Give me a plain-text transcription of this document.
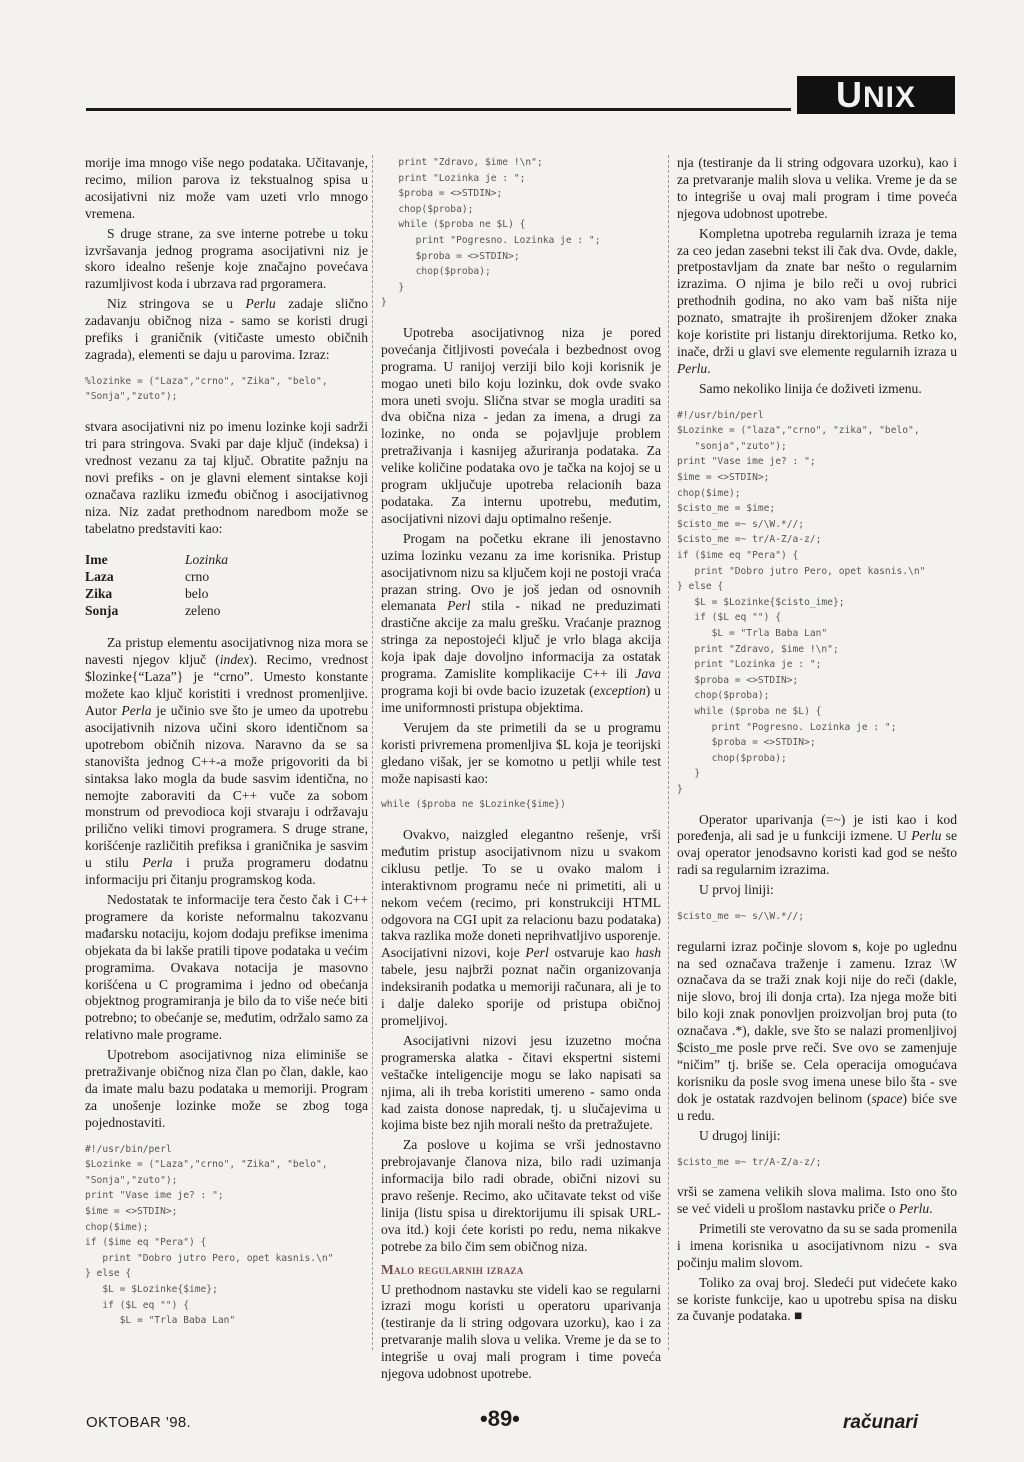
UNIX SERVIS

morije ima mnogo više nego podataka. Učitavanje, recimo, milion parova iz tekstualnog spisa u acosijativni niz može vam uzeti vrlo mnogo vremena.

S druge strane, za sve interne potrebe u toku izvršavanja jednog programa asocijativni niz je skoro idealno rešenje koje značajno povećava razumljivost koda i ubrzava rad prgoramera.

Niz stringova se u Perlu zadaje slično zadavanju običnog niza - samo se koristi drugi prefiks i graničnik (vitičaste umesto običnih zagrada), elementi se daju u parovima. Izraz:

%lozinke = ("Laza","crno", "Zika", "belo",
"Sonja","zuto");

stvara asocijativni niz po imenu lozinke koji sadrži tri para stringova. Svaki par daje ključ (indeksa) i vrednost vezanu za taj ključ. Obratite pažnju na novi prefiks - on je glavni element sintakse koji označava razliku između običnog i asocijativnog niza. Niz zadat prethodnom naredbom može se tabelatno predstaviti kao:

Ime	Lozinka
Laza	crno
Zika	belo
Sonja	zeleno

Za pristup elementu asocijativnog niza mora se navesti njegov ključ (index). Recimo, vrednost $lozinke{“Laza”} je “crno”. Umesto konstante možete kao ključ koristiti i vrednost promenljive. Autor Perla je učinio sve što je umeo da upotrebu asocijativnih nizova učini skoro identičnom sa upotrebom običnih nizova. Naravno da se sa stanovišta jednog C++-a može prigovoriti da bi sintaksa lako mogla da bude sasvim identična, no nemojte zaboraviti da C++ vuče za sobom monstrum od prevodioca koji stvaraju i održavaju prilično veliki timovi programera. S druge strane, korišćenje različitih prefiksa i graničnika je sasvim u stilu Perla i pruža programeru dodatnu informaciju pri čitanju programskog koda.

Nedostatak te informacije tera često čak i C++ programere da koriste neformalnu takozvanu mađarsku notaciju, kojom dodaju prefikse imenima objekata da bi lakše pratili tipove podataka u većim programima. Ovakava notacija je masovno korišćena u C programima i jedno od obećanja objektnog programiranja je bilo da to više neće biti potrebno; to obećanje se, međutim, održalo samo za relativno male programe.

Upotrebom asocijativnog niza eliminiše se pretraživanje običnog niza član po član, dakle, kao da imate malu bazu podataka u memoriji. Program za unošenje lozinke može se zbog toga pojednostaviti.

#!/usr/bin/perl
$Lozinke = ("Laza","crno", "Zika", "belo",
"Sonja","zuto");
print "Vase ime je? : ";
$ime = <>STDIN>;
chop($ime);
if ($ime eq "Pera") {
print "Dobro jutro Pero, opet kasnis.\n"
} else {
$L = $Lozinke{$ime};
if ($L eq "") {
$L = "Trla Baba Lan"
print "Zdravo, $ime !\n";
print "Lozinka je : ";
$proba = <>STDIN>;
chop($proba);
while ($proba ne $L) {
print "Pogresno. Lozinka je : ";
$proba = <>STDIN>;
chop($proba);
}
}

Upotreba asocijativnog niza je pored povećanja čitljivosti povećala i bezbednost ovog programa. U ranijoj verziji bilo koji korisnik je mogao uneti bilo koju lozinku, dok ovde svako mora uneti svoju. Slična stvar se mogla uraditi sa dva obična niza - jedan za imena, a drugi za lozinke, no onda se pojavljuje problem pretraživanja i kasnijeg ažuriranja podataka. Za velike količine podataka ovo je tačka na kojoj se u program uključuje upotreba relacionih baza podataka. Za internu upotrebu, međutim, asocijativni nizovi daju optimalno rešenje.

Progam na početku ekrane ili jenostavno uzima lozinku vezanu za ime korisnika. Pristup asocijativnom nizu sa ključem koji ne postoji vraća prazan string. Ovo je još jedan od osnovnih elemanata Perl stila - nikad ne preduzimati drastične akcije za malu grešku. Vraćanje praznog stringa za nepostojeći ključ je vrlo blaga akcija koja ipak daje dovoljno informacija za ostatak programa. Zamislite komplikacije C++ ili Java programa koji bi ovde bacio izuzetak (exception) u ime uniformnosti pristupa objektima.

Verujem da ste primetili da se u programu koristi privremena promenljiva $L koja je teorijski gledano višak, jer se komotno u petlji while test može napisasti kao:

while ($proba ne $Lozinke{$ime})

Ovakvo, naizgled elegantno rešenje, vrši međutim pristup asocijativnom nizu u svakom ciklusu petlje. To se u ovako malom i interaktivnom programu neće ni primetiti, ali u nekom većem (recimo, pri konstrukciji HTML odgovora na CGI upit za relacionu bazu podataka) takva razlika može doneti neprihvatljivo usporenje. Asocijativni nizovi, koje Perl ostvaruje kao hash tabele, jesu najbrži poznat način organizovanja indeksiranih podatka u memoriji računara, ali je to i dalje daleko sporije od pristupa običnoj promeljivoj.

Asocijativni nizovi jesu izuzetno moćna programerska alatka - čitavi ekspertni sistemi veštačke inteligencije mogu se lako napisati sa njima, ali ih treba koristiti umereno - samo onda kad zaista donose napredak, tj. u slučajevima u kojima biste bez njih morali nešto da pretražujete.

Za poslove u kojima se vrši jednostavno prebrojavanje članova niza, bilo radi uzimanja informacija bilo radi obrade, obični nizovi su pravo rešenje. Recimo, ako učitavate tekst od više linija (listu spisa u direktorijumu ili spisak URL-ova itd.) koji ćete koristi po redu, nema nikakve potrebe za bilo čim sem običnog niza.

Malo regularnih izraza

U prethodnom nastavku ste videli kao se regularni izrazi mogu koristi u operatoru uparivanja (testiranje da li string odgovara uzorku), kao i za pretvaranje malih slova u velika. Vreme je da se to integriše u ovaj mali program i time poveća njegova udobnost upotrebe.

nja (testiranje da li string odgovara uzorku), kao i za pretvaranje malih slova u velika. Vreme je da se to integriše u ovaj mali program i time poveća njegova udobnost upotrebe.

Kompletna upotreba regularnih izraza je tema za ceo jedan zasebni tekst ili čak dva. Ovde, dakle, pretpostavljam da znate bar nešto o regularnim izrazima. O njima je bilo reči u ovoj rubrici prethodnih godina, no ako vam baš ništa nije poznato, smatrajte ih proširenjem džoker znaka koje koristite pri listanju direktorijuma. Retko ko, inače, drži u glavi sve elemente regularnih izraza u Perlu.

Samo nekoliko linija će doživeti izmenu.

#!/usr/bin/perl
$Lozinke = ("laza","crno", "zika", "belo",
"sonja","zuto");
print "Vase ime je? : ";
$ime = <>STDIN>;
chop($ime);
$cisto_me = $ime;
$cisto_me =~ s/\W.*//;
$cisto_me =~ tr/A-Z/a-z/;
if ($ime eq "Pera") {
print "Dobro jutro Pero, opet kasnis.\n"
} else {
$L = $Lozinke{$cisto_ime};
if ($L eq "") {
$L = "Trla Baba Lan"
print "Zdravo, $ime !\n";
print "Lozinka je : ";
$proba = <>STDIN>;
chop($proba);
while ($proba ne $L) {
print "Pogresno. Lozinka je : ";
$proba = <>STDIN>;
chop($proba);
}
}

Operator uparivanja (=~) je isti kao i kod poređenja, ali sad je u funkciji izmene. U Perlu se ovaj operator jenodsavno koristi kad god se nešto radi sa regularnim izrazima.

U prvoj liniji:

$cisto_me =~ s/\W.*//;

regularni izraz počinje slovom s, koje po uglednu na sed označava traženje i zamenu. Izraz \W označava da se traži znak koji nije do reči (dakle, nije slovo, broj ili donja crta). Iza njega može biti bilo koji znak ponovljen proizvoljan broj puta (to označava .*), dakle, sve što se nalazi promenljivoj $cisto_me posle prve reči. Sve ovo se zamenjuje “ničim” tj. briše se. Cela operacija omogućava korisniku da posle svog imena unese bilo šta - sve dok je ostatak razdvojen belinom (space) biće sve u redu.

U drugoj liniji:

$cisto_me =~ tr/A-Z/a-z/;

vrši se zamena velikih slova malima. Isto ono što se već videli u prošlom nastavku priče o Perlu.

Primetili ste verovatno da su se sada promenila i imena korisnika u asocijativnom nizu - sva počinju malim slovom.

Toliko za ovaj broj. Sledeći put videćete kako se koriste funkcije, kao u upotrebu spisa na disku za čuvanje podataka. ■

OKTOBAR ’98.	•89•	računari
